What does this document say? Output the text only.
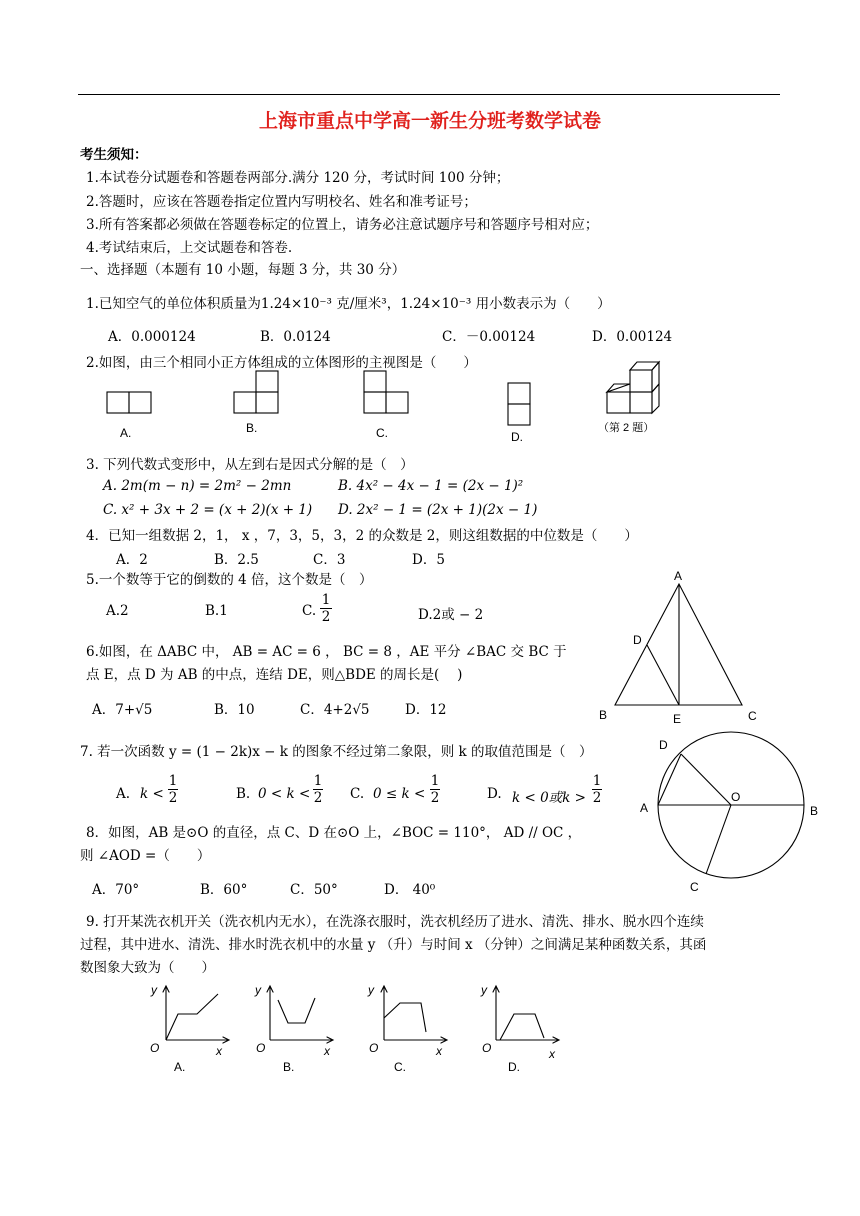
上海市重点中学高一新生分班考数学试卷
考生须知：
1.本试卷分试题卷和答题卷两部分.满分 120 分，考试时间 100 分钟；
2.答题时，应该在答题卷指定位置内写明校名、姓名和准考证号；
3.所有答案都必须做在答题卷标定的位置上，请务必注意试题序号和答题序号相对应；
4.考试结束后，上交试题卷和答卷.
一、选择题（本题有 10 小题，每题 3 分，共 30 分）
1.已知空气的单位体积质量为1.24×10⁻³ 克/厘米³，1.24×10⁻³ 用小数表示为（　　）
A．0.000124	B．0.0124	C．－0.00124	D．0.00124
2.如图，由三个相同小正方体组成的立体图形的主视图是（　　）
A.	B.	C.	D.
（第 2 题）
3. 下列代数式变形中，从左到右是因式分解的是（　）
A. 2m(m − n) = 2m² − 2mn	B. 4x² − 4x − 1 = (2x − 1)²
C. x² + 3x + 2 = (x + 2)(x + 1) D. 2x² − 1 = (2x + 1)(2x − 1)
4．已知一组数据 2，1， x ，7，3，5，3，2 的众数是 2，则这组数据的中位数是（　　）
A．2	B．2.5	C．3	D．5
5.一个数等于它的倒数的 4 倍，这个数是（　）
A.2	B.1	C. $\frac{1}{2}$	D.2或 − 2
6.如图，在 ΔABC 中， AB = AC = 6 ， BC = 8 ，AE 平分 ∠BAC 交 BC 于
点 E，点 D 为 AB 的中点，连结 DE，则△BDE 的周长是(　 )
A．7+√5	B．10	C．4+2√5	D．12
A
D
B	E	C
7. 若一次函数 y = (1 − 2k)x − k 的图象不经过第二象限，则 k 的取值范围是（　）
A. $k < \frac{1}{2}$	B. $0 < k < \frac{1}{2} C$. $0 \le k < \frac{1}{2}$	D. k < 0或$k > \frac{1}{2}$
8．如图，AB 是⊙O 的直径，点 C、D 在⊙O 上，∠BOC = 110°， AD // OC ，
则 ∠AOD =（　　）
A．70°	B．60°	C．50°	D． 40⁰
D
A
O
B
C
9. 打开某洗衣机开关（洗衣机内无水），在洗涤衣服时，洗衣机经历了进水、清洗、排水、脱水四个连续
过程，其中进水、清洗、排水时洗衣机中的水量 y （升）与时间 x （分钟）之间满足某种函数关系，其函
数图象大致为（　　）
y
O	x
A.
y
O	x
B.
y
O	x
C.
y
O	x
D.
